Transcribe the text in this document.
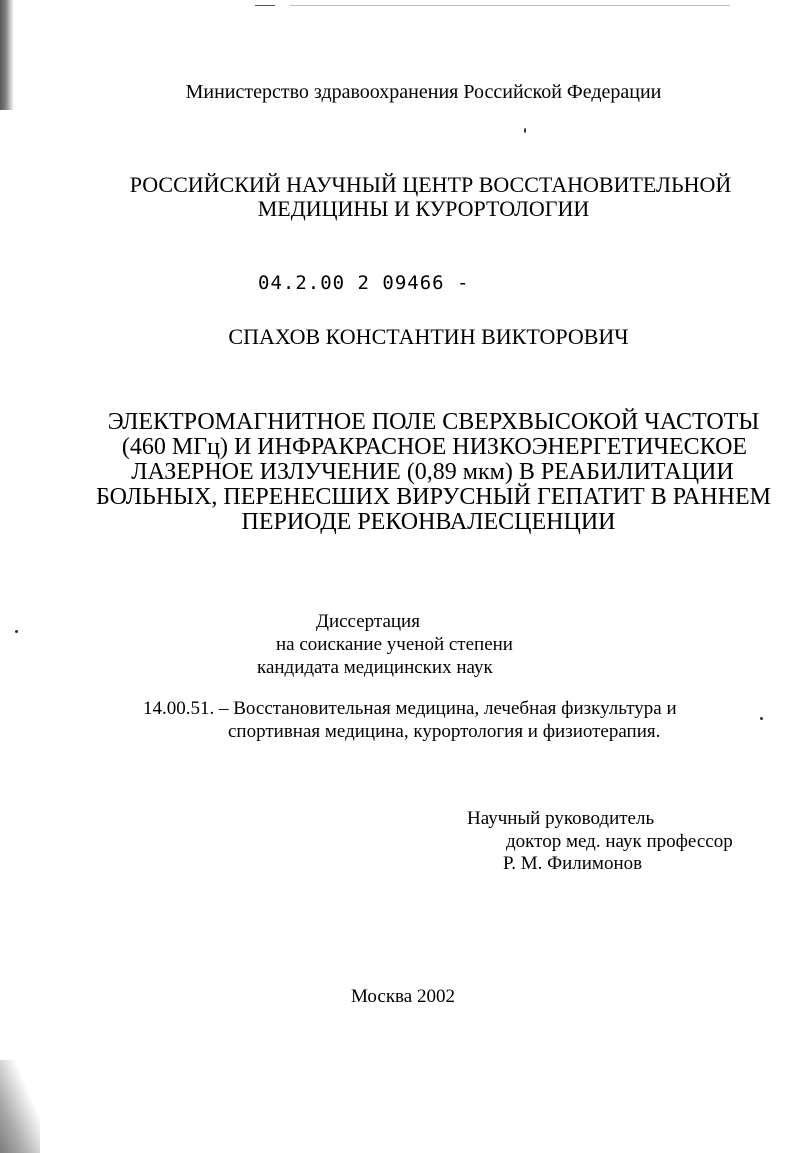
Министерство здравоохранения Российской Федерации
РОССИЙСКИЙ НАУЧНЫЙ ЦЕНТР ВОССТАНОВИТЕЛЬНОЙ
МЕДИЦИНЫ И КУРОРТОЛОГИИ
04.2.00 2 09466 -
СПАХОВ КОНСТАНТИН ВИКТОРОВИЧ
ЭЛЕКТРОМАГНИТНОЕ ПОЛЕ СВЕРХВЫСОКОЙ ЧАСТОТЫ
(460 МГц) И ИНФРАКРАСНОЕ НИЗКОЭНЕРГЕТИЧЕСКОЕ
ЛАЗЕРНОЕ ИЗЛУЧЕНИЕ (0,89 мкм) В РЕАБИЛИТАЦИИ
БОЛЬНЫХ, ПЕРЕНЕСШИХ ВИРУСНЫЙ ГЕПАТИТ В РАННЕМ
ПЕРИОДЕ РЕКОНВАЛЕСЦЕНЦИИ
Диссертация
на соискание ученой степени
кандидата медицинских наук
14.00.51. – Восстановительная медицина, лечебная физкультура и
спортивная медицина, курортология и физиотерапия.
Научный руководитель
доктор мед. наук профессор
Р. М. Филимонов
Москва 2002
